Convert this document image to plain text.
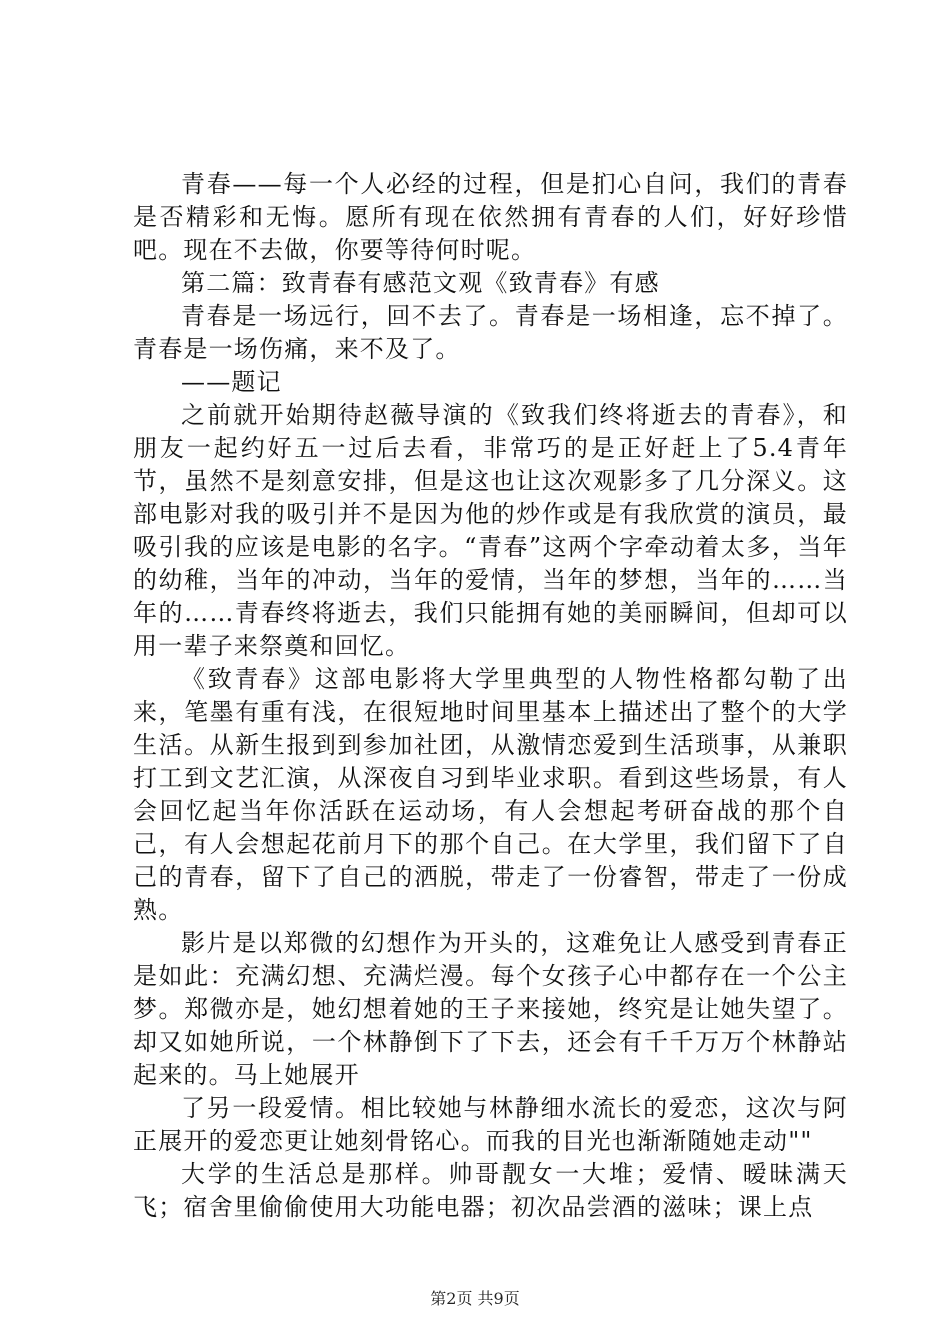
青春——每一个人必经的过程，但是扪心自问，我们的青春是否精彩和无悔。愿所有现在依然拥有青春的人们，好好珍惜吧。现在不去做，你要等待何时呢。

第二篇：致青春有感范文观《致青春》有感

青春是一场远行，回不去了。青春是一场相逢，忘不掉了。青春是一场伤痛，来不及了。

——题记

之前就开始期待赵薇导演的《致我们终将逝去的青春》，和朋友一起约好五一过后去看，非常巧的是正好赶上了5.4青年节，虽然不是刻意安排，但是这也让这次观影多了几分深义。这部电影对我的吸引并不是因为他的炒作或是有我欣赏的演员，最吸引我的应该是电影的名字。“青春”这两个字牵动着太多，当年的幼稚，当年的冲动，当年的爱情，当年的梦想，当年的……当年的……青春终将逝去，我们只能拥有她的美丽瞬间，但却可以用一辈子来祭奠和回忆。

《致青春》这部电影将大学里典型的人物性格都勾勒了出来，笔墨有重有浅，在很短地时间里基本上描述出了整个的大学生活。从新生报到到参加社团，从激情恋爱到生活琐事，从兼职打工到文艺汇演，从深夜自习到毕业求职。看到这些场景，有人会回忆起当年你活跃在运动场，有人会想起考研奋战的那个自己，有人会想起花前月下的那个自己。在大学里，我们留下了自己的青春，留下了自己的洒脱，带走了一份睿智，带走了一份成熟。

影片是以郑微的幻想作为开头的，这难免让人感受到青春正是如此：充满幻想、充满烂漫。每个女孩子心中都存在一个公主梦。郑微亦是，她幻想着她的王子来接她，终究是让她失望了。却又如她所说，一个林静倒下了下去，还会有千千万万个林静站起来的。马上她展开

了另一段爱情。相比较她与林静细水流长的爱恋，这次与阿正展开的爱恋更让她刻骨铭心。而我的目光也渐渐随她走动""

大学的生活总是那样。帅哥靓女一大堆；爱情、暧昧满天飞；宿舍里偷偷使用大功能电器；初次品尝酒的滋味；课上点

第2页 共9页
